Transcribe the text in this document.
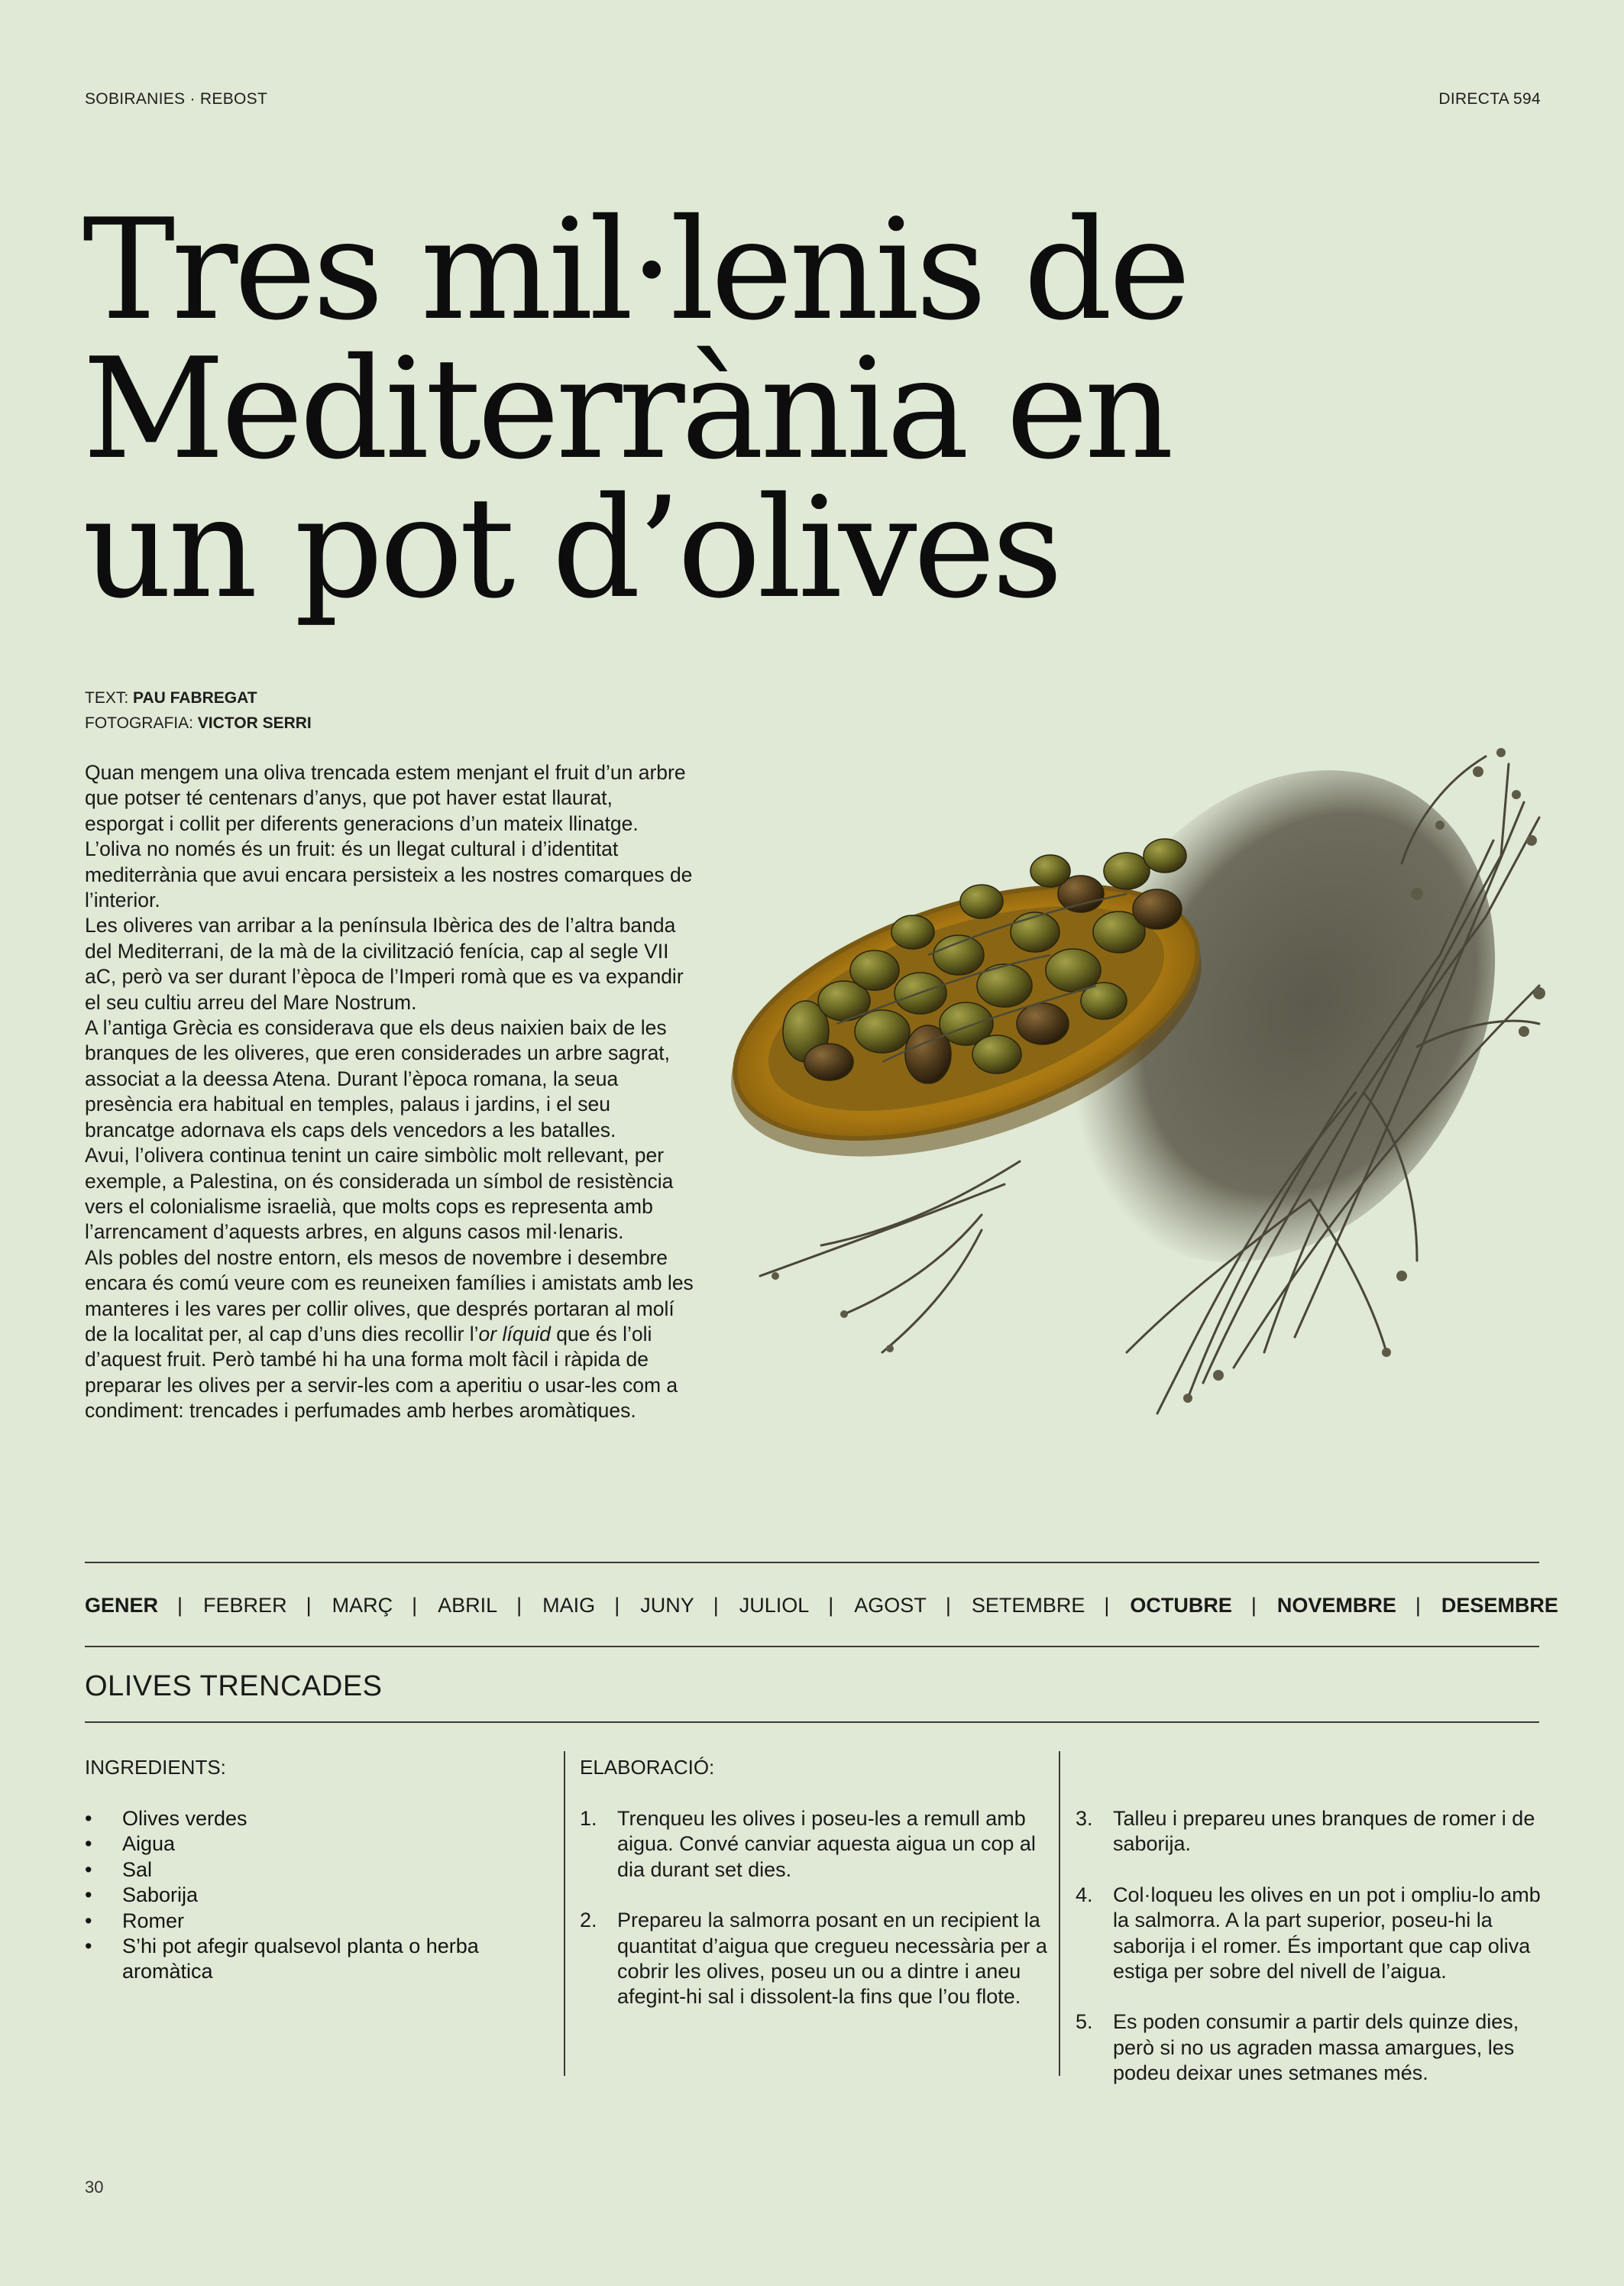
SOBIRANIES · REBOST	DIRECTA 594
Tres mil·lenis de
Mediterrània en
un pot d’olives
TEXT: PAU FABREGAT
FOTOGRAFIA: VICTOR SERRI

Quan mengem una oliva trencada estem menjant el fruit d’un arbre que potser té centenars d’anys, que pot haver estat llaurat, esporgat i collit per diferents generacions d’un mateix llinatge. L’oliva no només és un fruit: és un llegat cultural i d’identitat mediterrània que avui encara persisteix a les nostres comarques de l’interior.

Les oliveres van arribar a la península Ibèrica des de l’altra banda del Mediterrani, de la mà de la civilització fenícia, cap al segle VII aC, però va ser durant l’època de l’Imperi romà que es va expandir el seu cultiu arreu del Mare Nostrum.

A l’antiga Grècia es considerava que els deus naixien baix de les branques de les oliveres, que eren considerades un arbre sagrat, associat a la deessa Atena. Durant l’època romana, la seua presència era habitual en temples, palaus i jardins, i el seu brancatge adornava els caps dels vencedors a les batalles.

Avui, l’olivera continua tenint un caire simbòlic molt rellevant, per exemple, a Palestina, on és considerada un símbol de resistència vers el colonialisme israelià, que molts cops es representa amb l’arrencament d’aquests arbres, en alguns casos mil·lenaris.

Als pobles del nostre entorn, els mesos de novembre i desembre encara és comú veure com es reuneixen famílies i amistats amb les manteres i les vares per collir olives, que després portaran al molí de la localitat per, al cap d’uns dies recollir l’or líquid que és l’oli d’aquest fruit. Però també hi ha una forma molt fàcil i ràpida de preparar les olives per a servir-les com a aperitiu o usar-les com a condiment: trencades i perfumades amb herbes aromàtiques.

GENER | FEBRER | MARÇ | ABRIL | MAIG | JUNY | JULIOL | AGOST | SETEMBRE | OCTUBRE | NOVEMBRE | DESEMBRE
OLIVES TRENCADES
INGREDIENTS:	ELABORACIÓ:
• Olives verdes
• Aigua
• Sal
• Saborija
• Romer
• S’hi pot afegir qualsevol planta o herba aromàtica
1. Trenqueu les olives i poseu-les a remull amb aigua. Convé canviar aquesta aigua un cop al dia durant set dies.
2. Prepareu la salmorra posant en un recipient la quantitat d’aigua que cregueu necessària per a cobrir les olives, poseu un ou a dintre i aneu afegint-hi sal i dissolent-la fins que l’ou flote.
3. Talleu i prepareu unes branques de romer i de saborija.
4. Col·loqueu les olives en un pot i ompliu-lo amb la salmorra. A la part superior, poseu-hi la saborija i el romer. És important que cap oliva estiga per sobre del nivell de l’aigua.
5. Es poden consumir a partir dels quinze dies, però si no us agraden massa amargues, les podeu deixar unes setmanes més.
30
